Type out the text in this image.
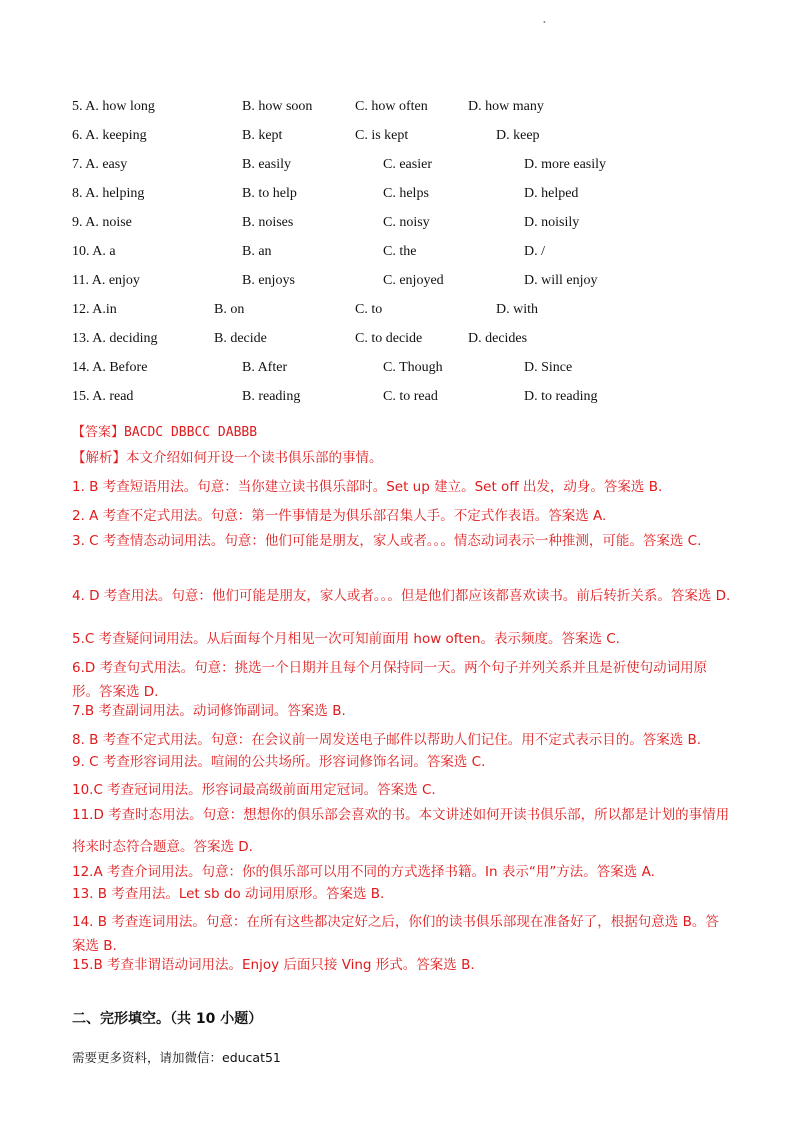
•
5. A. how long	B. how soon	C. how often	D. how many
6. A. keeping	B. kept	C. is kept	D. keep
7. A. easy	B. easily	C. easier	D. more easily
8. A. helping	B. to help	C. helps	D. helped
9. A. noise	B. noises	C. noisy	D. noisily
10. A. a	B. an	C. the	D. /
11. A. enjoy	B. enjoys	C. enjoyed	D. will enjoy
12. A.in	B. on	C. to	D. with
13. A. deciding	B. decide	C. to decide	D. decides
14. A. Before	B. After	C. Though	D. Since
15. A. read	B. reading	C. to read	D. to reading
【答案】BACDC DBBCC DABBB
【解析】本文介绍如何开设一个读书俱乐部的事情。
1. B 考查短语用法。句意：当你建立读书俱乐部时。Set up 建立。Set off 出发，动身。答案选 B.
2. A 考查不定式用法。句意：第一件事情是为俱乐部召集人手。不定式作表语。答案选 A.
3. C 考查情态动词用法。句意：他们可能是朋友，家人或者。。。情态动词表示一种推测，可能。答案选 C.
4. D 考查用法。句意：他们可能是朋友，家人或者。。。但是他们都应该都喜欢读书。前后转折关系。答案选 D.
5.C 考查疑问词用法。从后面每个月相见一次可知前面用 how often。表示频度。答案选 C.
6.D 考查句式用法。句意：挑选一个日期并且每个月保持同一天。两个句子并列关系并且是祈使句动词用原形。答案选 D.
7.B 考查副词用法。动词修饰副词。答案选 B.
8. B 考查不定式用法。句意：在会议前一周发送电子邮件以帮助人们记住。用不定式表示目的。答案选 B.
9. C 考查形容词用法。喧闹的公共场所。形容词修饰名词。答案选 C.
10.C 考查冠词用法。形容词最高级前面用定冠词。答案选 C.
11.D 考查时态用法。句意：想想你的俱乐部会喜欢的书。本文讲述如何开读书俱乐部，所以都是计划的事情用将来时态符合题意。答案选 D.
12.A 考查介词用法。句意：你的俱乐部可以用不同的方式选择书籍。In 表示“用”方法。答案选 A.
13. B 考查用法。Let sb do 动词用原形。答案选 B.
14. B 考查连词用法。句意：在所有这些都决定好之后，你们的读书俱乐部现在准备好了，根据句意选 B。答案选 B.
15.B 考查非谓语动词用法。Enjoy 后面只接 Ving 形式。答案选 B.
二、完形填空。（共 10 小题）
需要更多资料，请加微信：educat51
